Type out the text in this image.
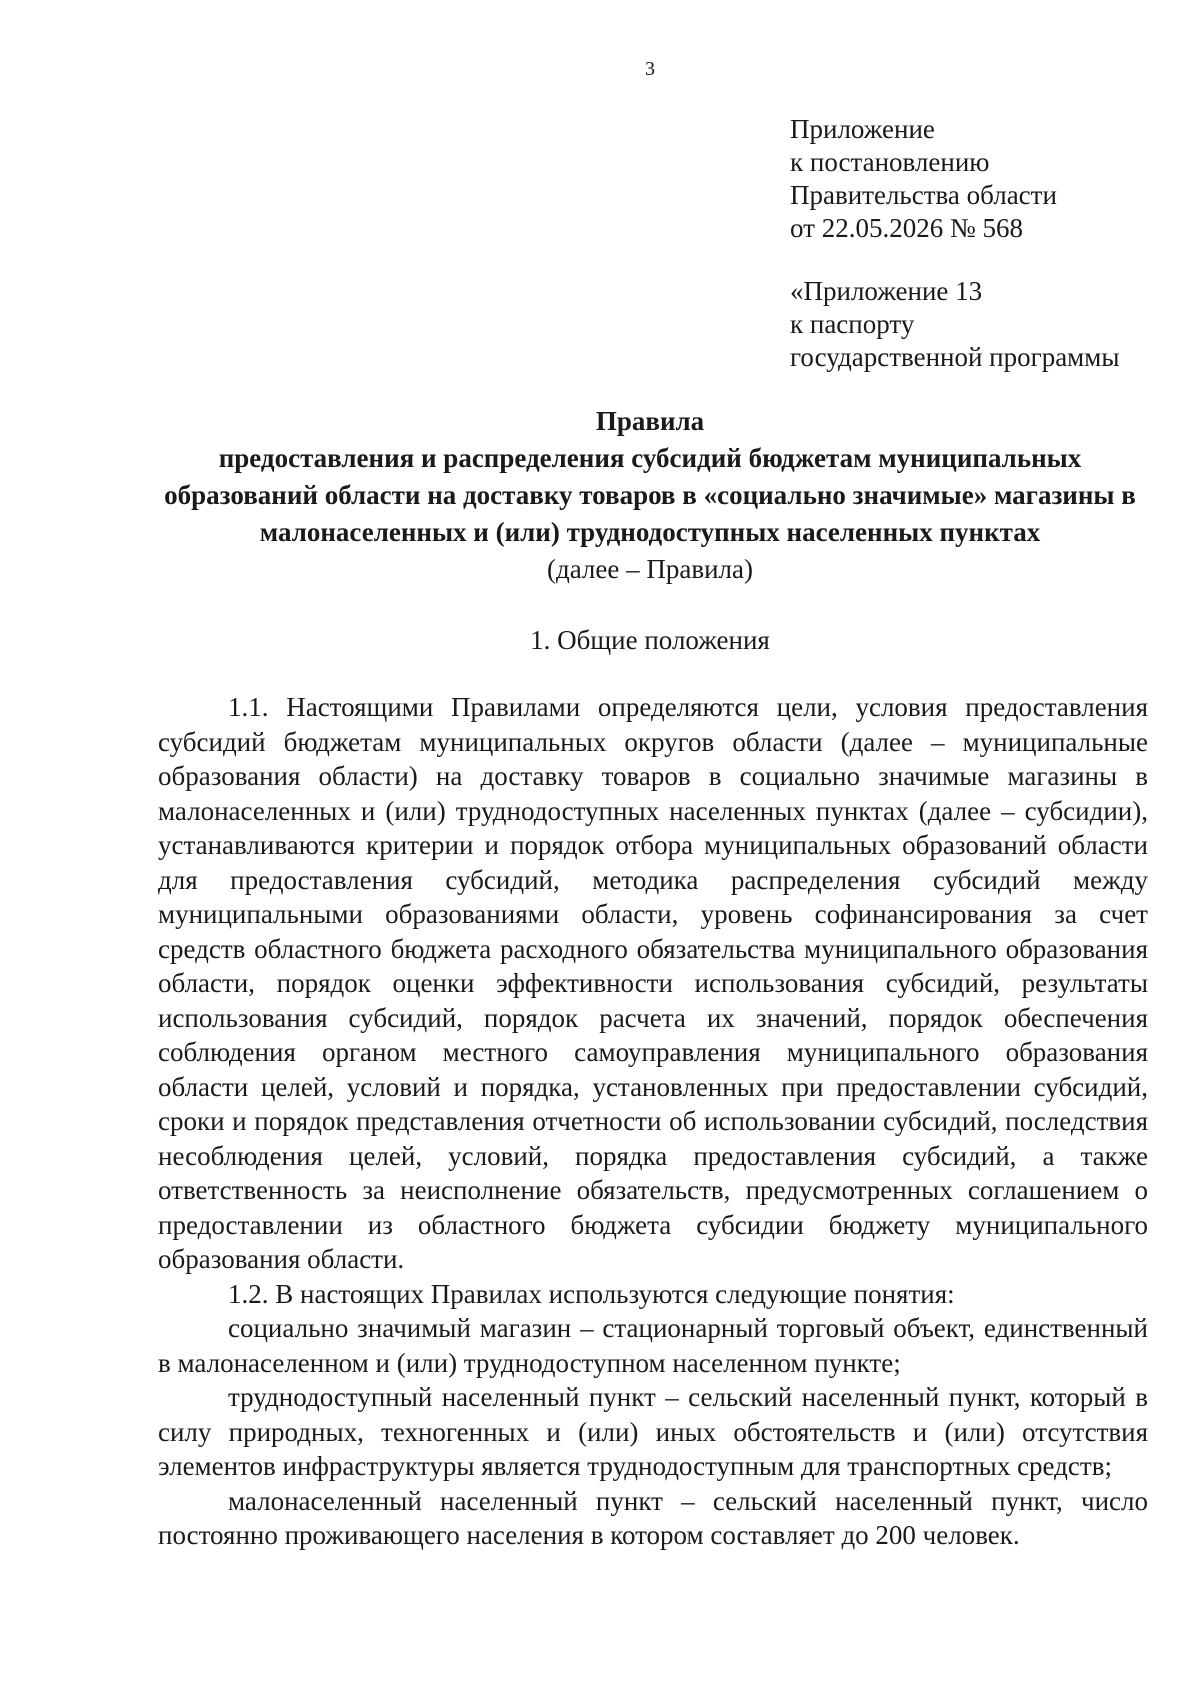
3
Приложение
к постановлению
Правительства области
от 22.05.2026 № 568
«Приложение 13
к паспорту
государственной программы
Правила
предоставления и распределения субсидий бюджетам муниципальных образований области на доставку товаров в «социально значимые» магазины в малонаселенных и (или) труднодоступных населенных пунктах
(далее – Правила)
1. Общие положения

1.1. Настоящими Правилами определяются цели, условия предоставления субсидий бюджетам муниципальных округов области (далее – муниципальные образования области) на доставку товаров в социально значимые магазины в малонаселенных и (или) труднодоступных населенных пунктах (далее – субсидии), устанавливаются критерии и порядок отбора муниципальных образований области для предоставления субсидий, методика распределения субсидий между муниципальными образованиями области, уровень софинансирования за счет средств областного бюджета расходного обязательства муниципального образования области, порядок оценки эффективности использования субсидий, результаты использования субсидий, порядок расчета их значений, порядок обеспечения соблюдения органом местного самоуправления муниципального образования области целей, условий и порядка, установленных при предоставлении субсидий, сроки и порядок представления отчетности об использовании субсидий, последствия несоблюдения целей, условий, порядка предоставления субсидий, а также ответственность за неисполнение обязательств, предусмотренных соглашением о предоставлении из областного бюджета субсидии бюджету муниципального образования области.

1.2. В настоящих Правилах используются следующие понятия:

социально значимый магазин – стационарный торговый объект, единственный в малонаселенном и (или) труднодоступном населенном пункте;

труднодоступный населенный пункт – сельский населенный пункт, который в силу природных, техногенных и (или) иных обстоятельств и (или) отсутствия элементов инфраструктуры является труднодоступным для транспортных средств;

малонаселенный населенный пункт – сельский населенный пункт, число постоянно проживающего населения в котором составляет до 200 человек.
